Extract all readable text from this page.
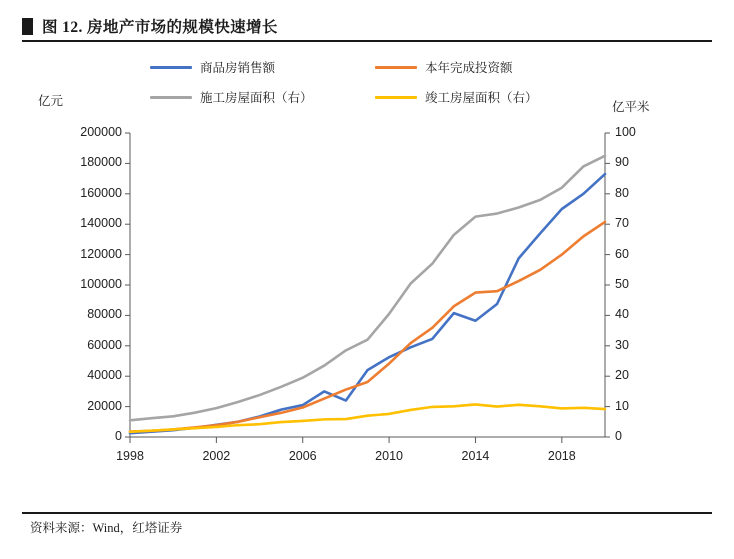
图 12. 房地产市场的规模快速增长
商品房销售额	本年完成投资额
施工房屋面积（右）	竣工房屋面积（右）
亿元	亿平米
0
20000
40000
60000
80000
100000
120000
140000
160000
180000
200000
0
10
20
30
40
50
60
70
80
90
100
1998	2002	2006	2010	2014	2018
资料来源：Wind，红塔证券
